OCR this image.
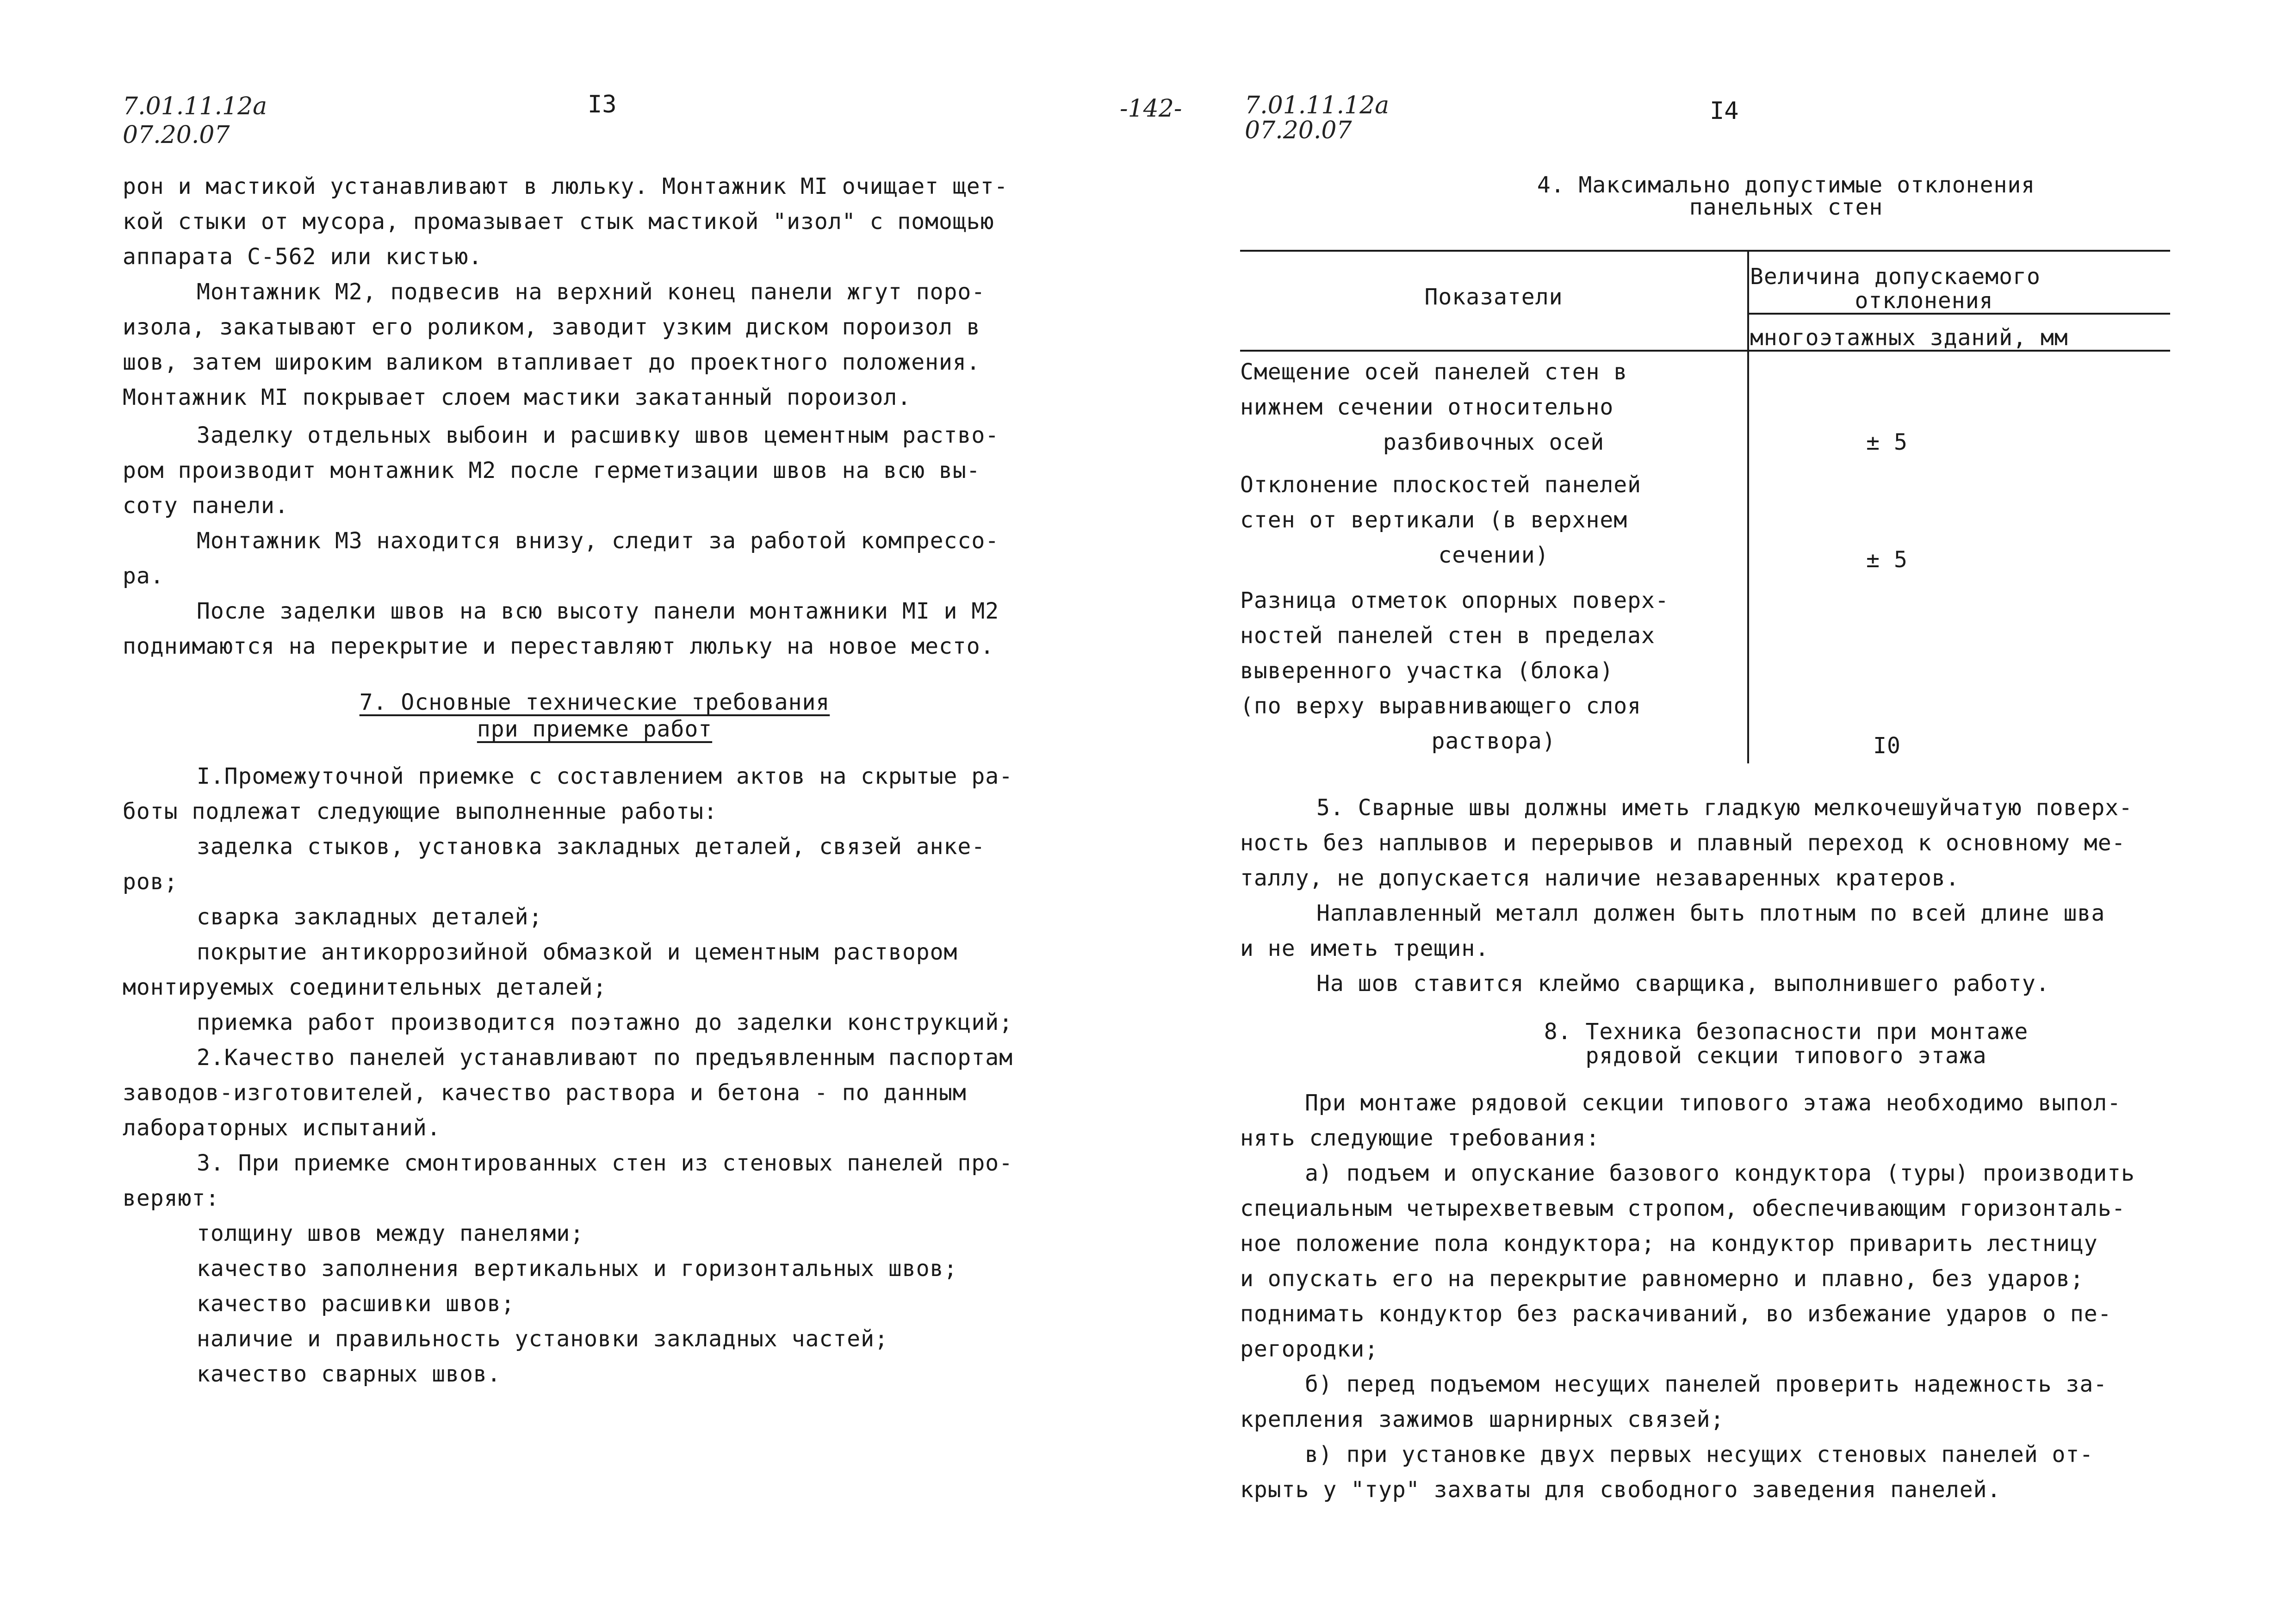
-142-
7.01.11.12а
07.20.07
I3
рон и мастикой устанавливают в люльку. Монтажник МI очищает щет-
кой стыки от мусора, промазывает стык мастикой "изол" с помощью
аппарата С-562 или кистью.
Монтажник М2, подвесив на верхний конец панели жгут поро-
изола, закатывают его роликом, заводит узким диском пороизол в
шов, затем широким валиком втапливает до проектного положения.
Монтажник МI покрывает слоем мастики закатанный пороизол.
Заделку отдельных выбоин и расшивку швов цементным раство-
ром производит монтажник М2 после герметизации швов на всю вы-
соту панели.
Монтажник М3 находится внизу, следит за работой компрессо-
ра.
После заделки швов на всю высоту панели монтажники МI и М2
поднимаются на перекрытие и переставляют люльку на новое место.
7. Основные технические требования
при приемке работ
I.Промежуточной приемке с составлением актов на скрытые ра-
боты подлежат следующие выполненные работы:
заделка стыков, установка закладных деталей, связей анке-
ров;
сварка закладных деталей;
покрытие антикоррозийной обмазкой и цементным раствором
монтируемых соединительных деталей;
приемка работ производится поэтажно до заделки конструкций;
2.Качество панелей устанавливают по предъявленным паспортам
заводов-изготовителей, качество раствора и бетона - по данным
лабораторных испытаний.
3. При приемке смонтированных стен из стеновых панелей про-
веряют:
толщину швов между панелями;
качество заполнения вертикальных и горизонтальных швов;
качество расшивки швов;
наличие и правильность установки закладных частей;
качество сварных швов.
7.01.11.12а
07.20.07
I4
4. Максимально допустимые отклонения
панельных стен
Показатели
Величина допускаемого
отклонения
многоэтажных зданий, мм
Смещение осей панелей стен в
нижнем сечении относительно
разбивочных осей	± 5
Отклонение плоскостей панелей
стен от вертикали (в верхнем
сечении)	± 5
Разница отметок опорных поверх-
ностей панелей стен в пределах
выверенного участка (блока)
(по верху выравнивающего слоя
раствора)	I0
5. Сварные швы должны иметь гладкую мелкочешуйчатую поверх-
ность без наплывов и перерывов и плавный переход к основному ме-
таллу, не допускается наличие незаваренных кратеров.
Наплавленный металл должен быть плотным по всей длине шва
и не иметь трещин.
На шов ставится клеймо сварщика, выполнившего работу.
8. Техника безопасности при монтаже
рядовой секции типового этажа
При монтаже рядовой секции типового этажа необходимо выпол-
нять следующие требования:
а) подъем и опускание базового кондуктора (туры) производить
специальным четырехветвевым стропом, обеспечивающим горизонталь-
ное положение пола кондуктора; на кондуктор приварить лестницу
и опускать его на перекрытие равномерно и плавно, без ударов;
поднимать кондуктор без раскачиваний, во избежание ударов о пе-
регородки;
б) перед подъемом несущих панелей проверить надежность за-
крепления зажимов шарнирных связей;
в) при установке двух первых несущих стеновых панелей от-
крыть у "тур" захваты для свободного заведения панелей.
